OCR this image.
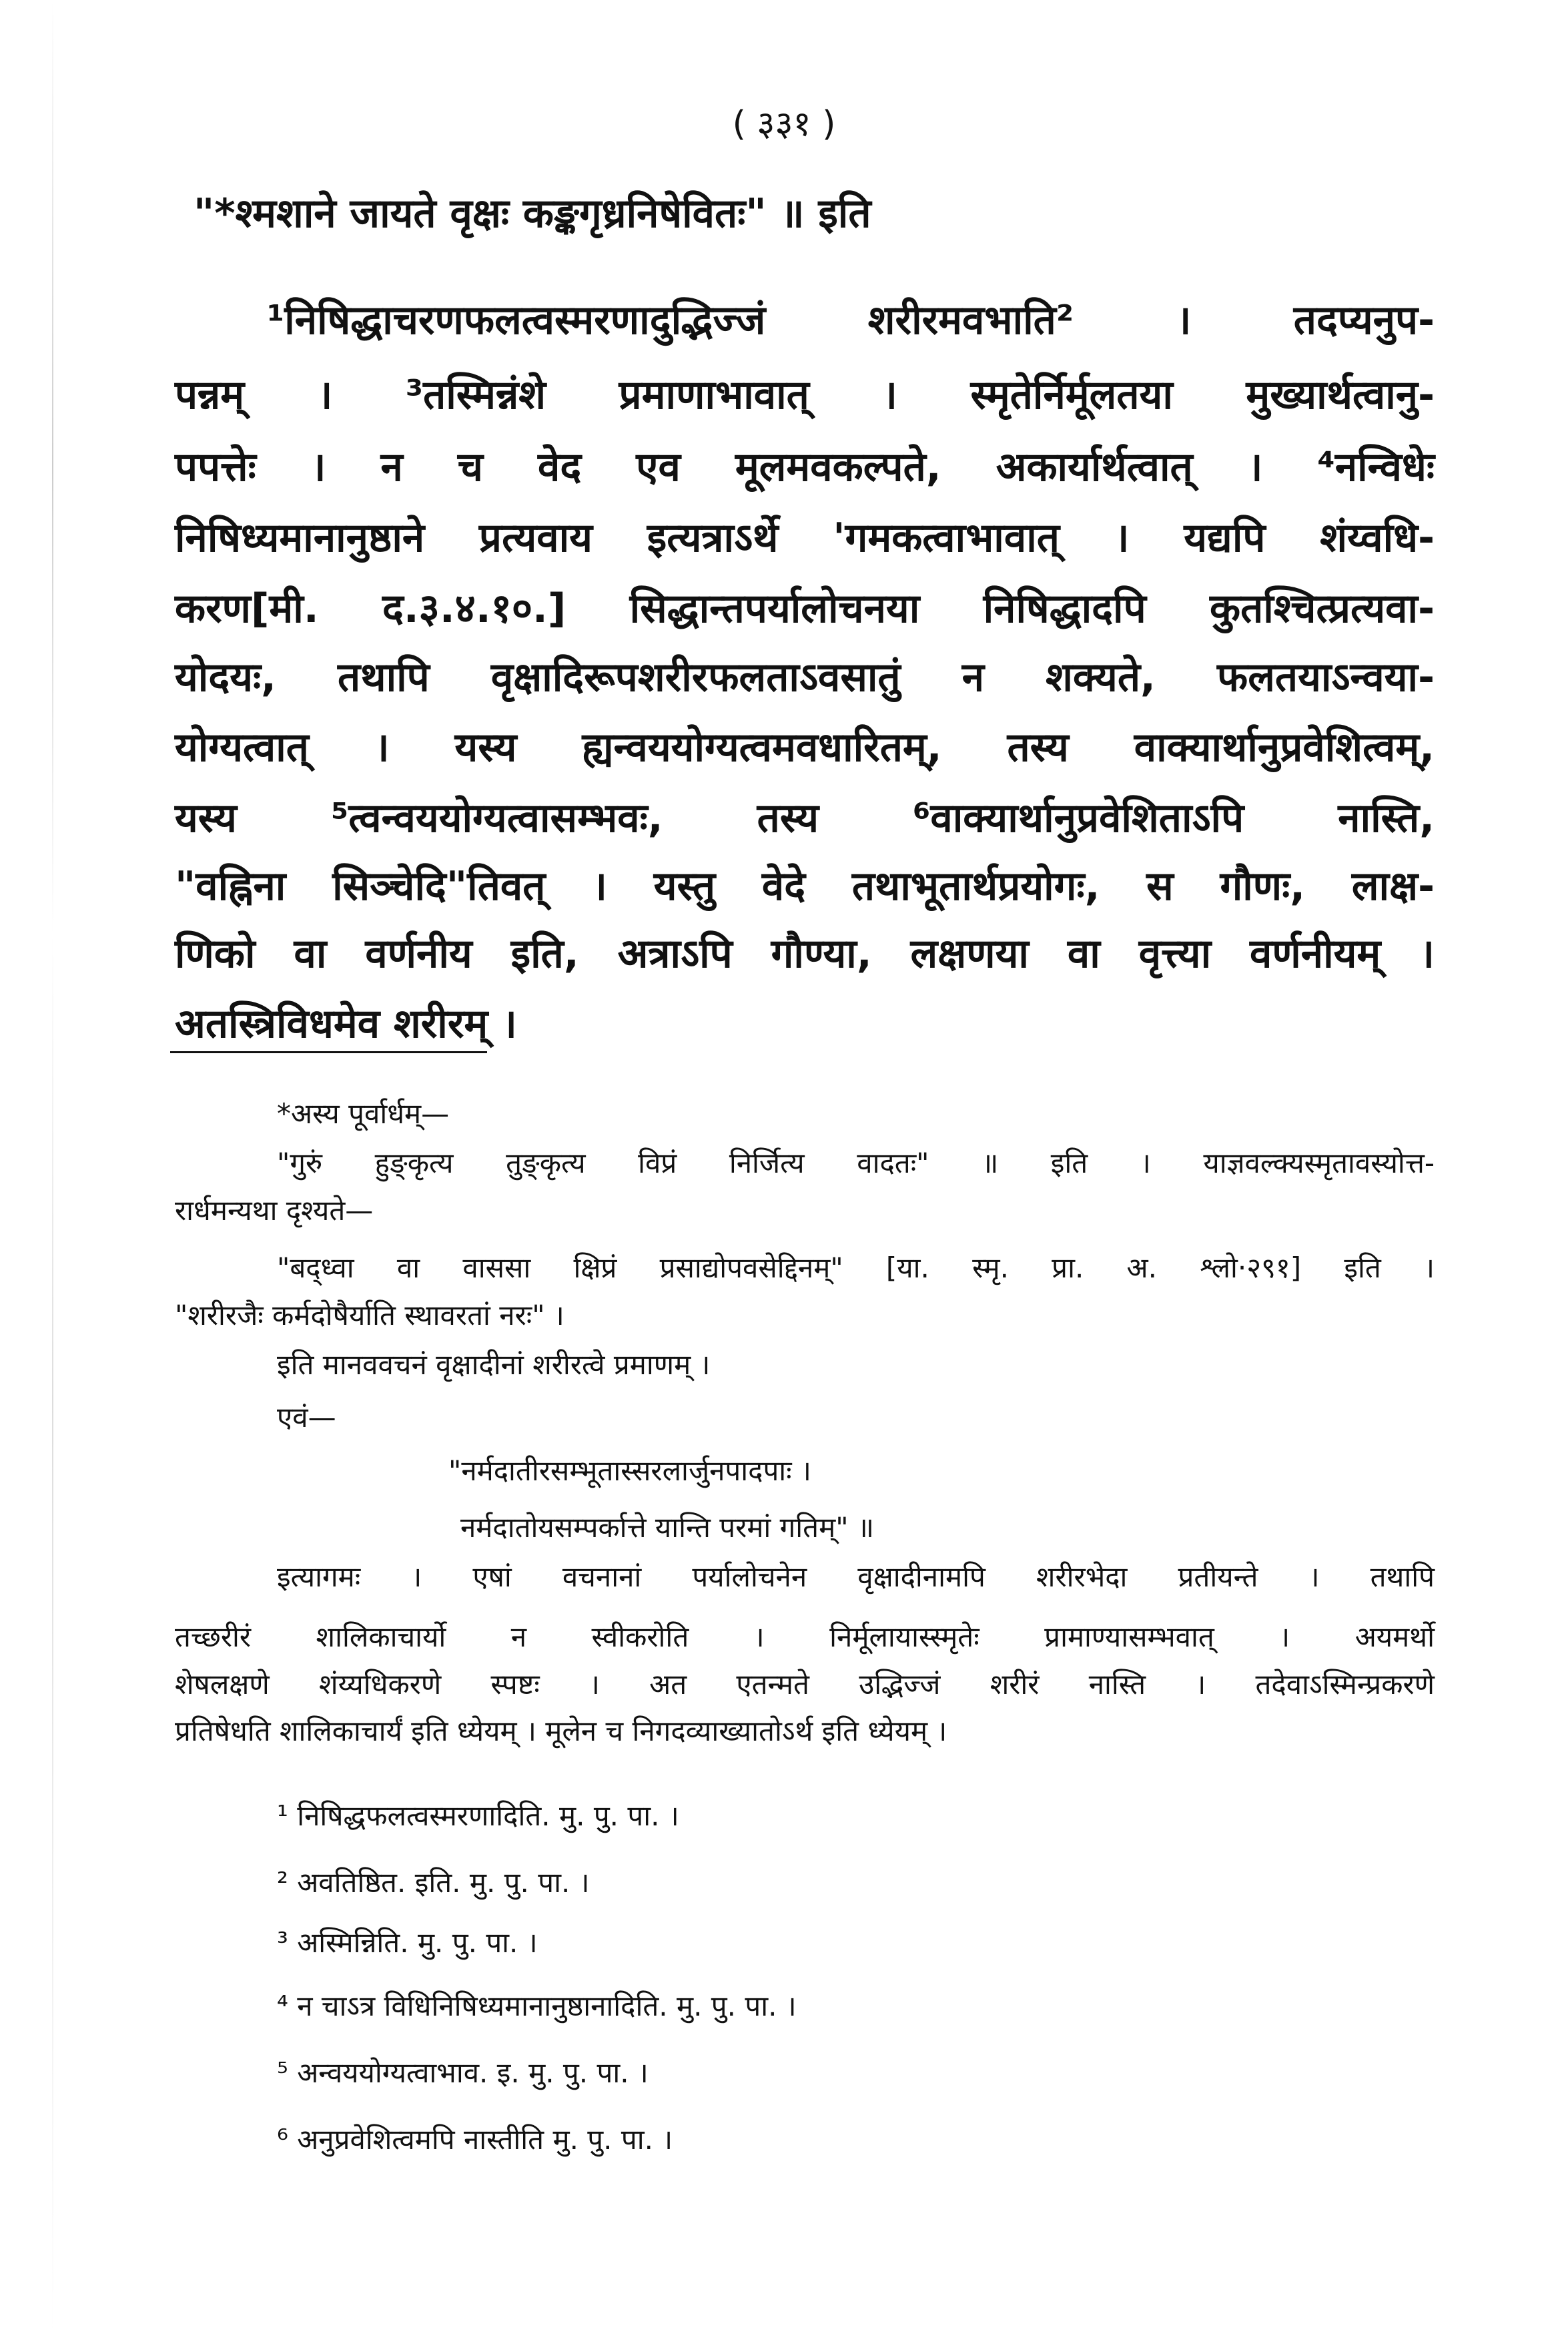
( ३३१ )
"*श्मशाने जायते वृक्षः कङ्कगृध्रनिषेवितः" ॥ इति
¹निषिद्धाचरणफलत्वस्मरणादुद्भिज्जं शरीरमवभाति² । तदप्यनुप-
पन्नम् । ³तस्मिन्नंशे प्रमाणाभावात् । स्मृतेर्निर्मूलतया मुख्यार्थत्वानु-
पपत्तेः । न च वेद एव मूलमवकल्पते, अकार्यार्थत्वात् । ⁴नन्विधेः
निषिध्यमानानुष्ठाने प्रत्यवाय इत्यत्राऽर्थे 'गमकत्वाभावात् । यद्यपि शंय्वधि-
करण[मी. द.३.४.१०.] सिद्धान्तपर्यालोचनया निषिद्धादपि कुतश्चित्प्रत्यवा-
योदयः, तथापि वृक्षादिरूपशरीरफलताऽवसातुं न शक्यते, फलतयाऽन्वया-
योग्यत्वात् । यस्य ह्यन्वययोग्यत्वमवधारितम्, तस्य वाक्यार्थानुप्रवेशित्वम्,
यस्य ⁵त्वन्वययोग्यत्वासम्भवः, तस्य ⁶वाक्यार्थानुप्रवेशिताऽपि नास्ति,
"वह्निना सिञ्चेदि"तिवत् । यस्तु वेदे तथाभूतार्थप्रयोगः, स गौणः, लाक्ष-
णिको वा वर्णनीय इति, अत्राऽपि गौण्या, लक्षणया वा वृत्त्या वर्णनीयम् ।
अतस्त्रिविधमेव शरीरम् ।
*अस्य पूर्वार्धम्—
"गुरुं हुङ्कृत्य तुङ्कृत्य विप्रं निर्जित्य वादतः" ॥ इति । याज्ञवल्क्यस्मृतावस्योत्त-
रार्धमन्यथा दृश्यते—
"बद्ध्वा वा वाससा क्षिप्रं प्रसाद्योपवसेद्दिनम्" [या. स्मृ. प्रा. अ. श्लो·२९१] इति ।
"शरीरजैः कर्मदोषैर्याति स्थावरतां नरः" ।
इति मानववचनं वृक्षादीनां शरीरत्वे प्रमाणम् ।
एवं—
"नर्मदातीरसम्भूतास्सरलार्जुनपादपाः ।
नर्मदातोयसम्पर्कात्ते यान्ति परमां गतिम्" ॥
इत्यागमः । एषां वचनानां पर्यालोचनेन वृक्षादीनामपि शरीरभेदा प्रतीयन्ते । तथापि
तच्छरीरं शालिकाचार्यो न स्वीकरोति । निर्मूलायास्स्मृतेः प्रामाण्यासम्भवात् । अयमर्थो
शेषलक्षणे शंय्यधिकरणे स्पष्टः । अत एतन्मते उद्भिज्जं शरीरं नास्ति । तदेवाऽस्मिन्प्रकरणे
प्रतिषेधति शालिकाचार्यं इति ध्येयम् । मूलेन च निगदव्याख्यातोऽर्थ इति ध्येयम् ।
¹ निषिद्धफलत्वस्मरणादिति. मु. पु. पा. ।
² अवतिष्ठित. इति. मु. पु. पा. ।
³ अस्मिन्निति. मु. पु. पा. ।
⁴ न चाऽत्र विधिनिषिध्यमानानुष्ठानादिति. मु. पु. पा. ।
⁵ अन्वययोग्यत्वाभाव. इ. मु. पु. पा. ।
⁶ अनुप्रवेशित्वमपि नास्तीति मु. पु. पा. ।
